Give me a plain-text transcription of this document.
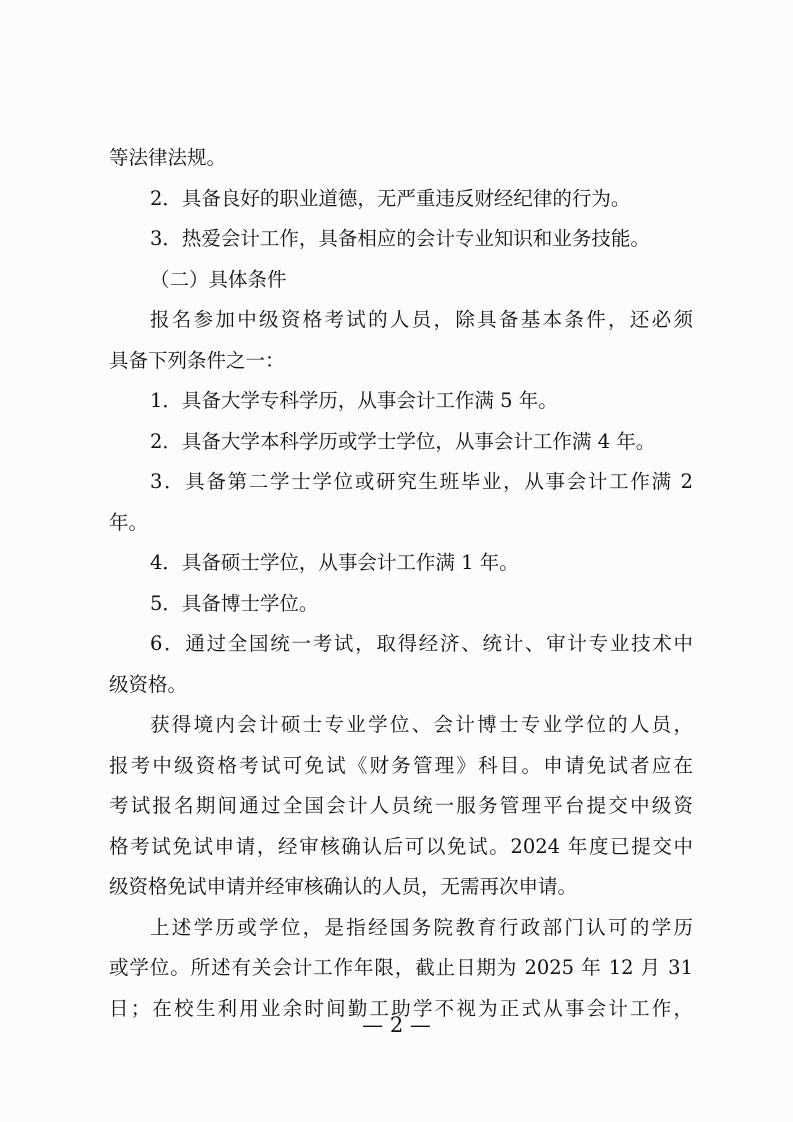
等法律法规。
2．具备良好的职业道德，无严重违反财经纪律的行为。
3．热爱会计工作，具备相应的会计专业知识和业务技能。
（二）具体条件
报名参加中级资格考试的人员，除具备基本条件，还必须
具备下列条件之一：
1．具备大学专科学历，从事会计工作满 5 年。
2．具备大学本科学历或学士学位，从事会计工作满 4 年。
3．具备第二学士学位或研究生班毕业，从事会计工作满 2
年。
4．具备硕士学位，从事会计工作满 1 年。
5．具备博士学位。
6．通过全国统一考试，取得经济、统计、审计专业技术中
级资格。
获得境内会计硕士专业学位、会计博士专业学位的人员，
报考中级资格考试可免试《财务管理》科目。申请免试者应在
考试报名期间通过全国会计人员统一服务管理平台提交中级资
格考试免试申请，经审核确认后可以免试。2024 年度已提交中
级资格免试申请并经审核确认的人员，无需再次申请。
上述学历或学位，是指经国务院教育行政部门认可的学历
或学位。所述有关会计工作年限，截止日期为 2025 年 12 月 31
日；在校生利用业余时间勤工助学不视为正式从事会计工作，
— 2 —
